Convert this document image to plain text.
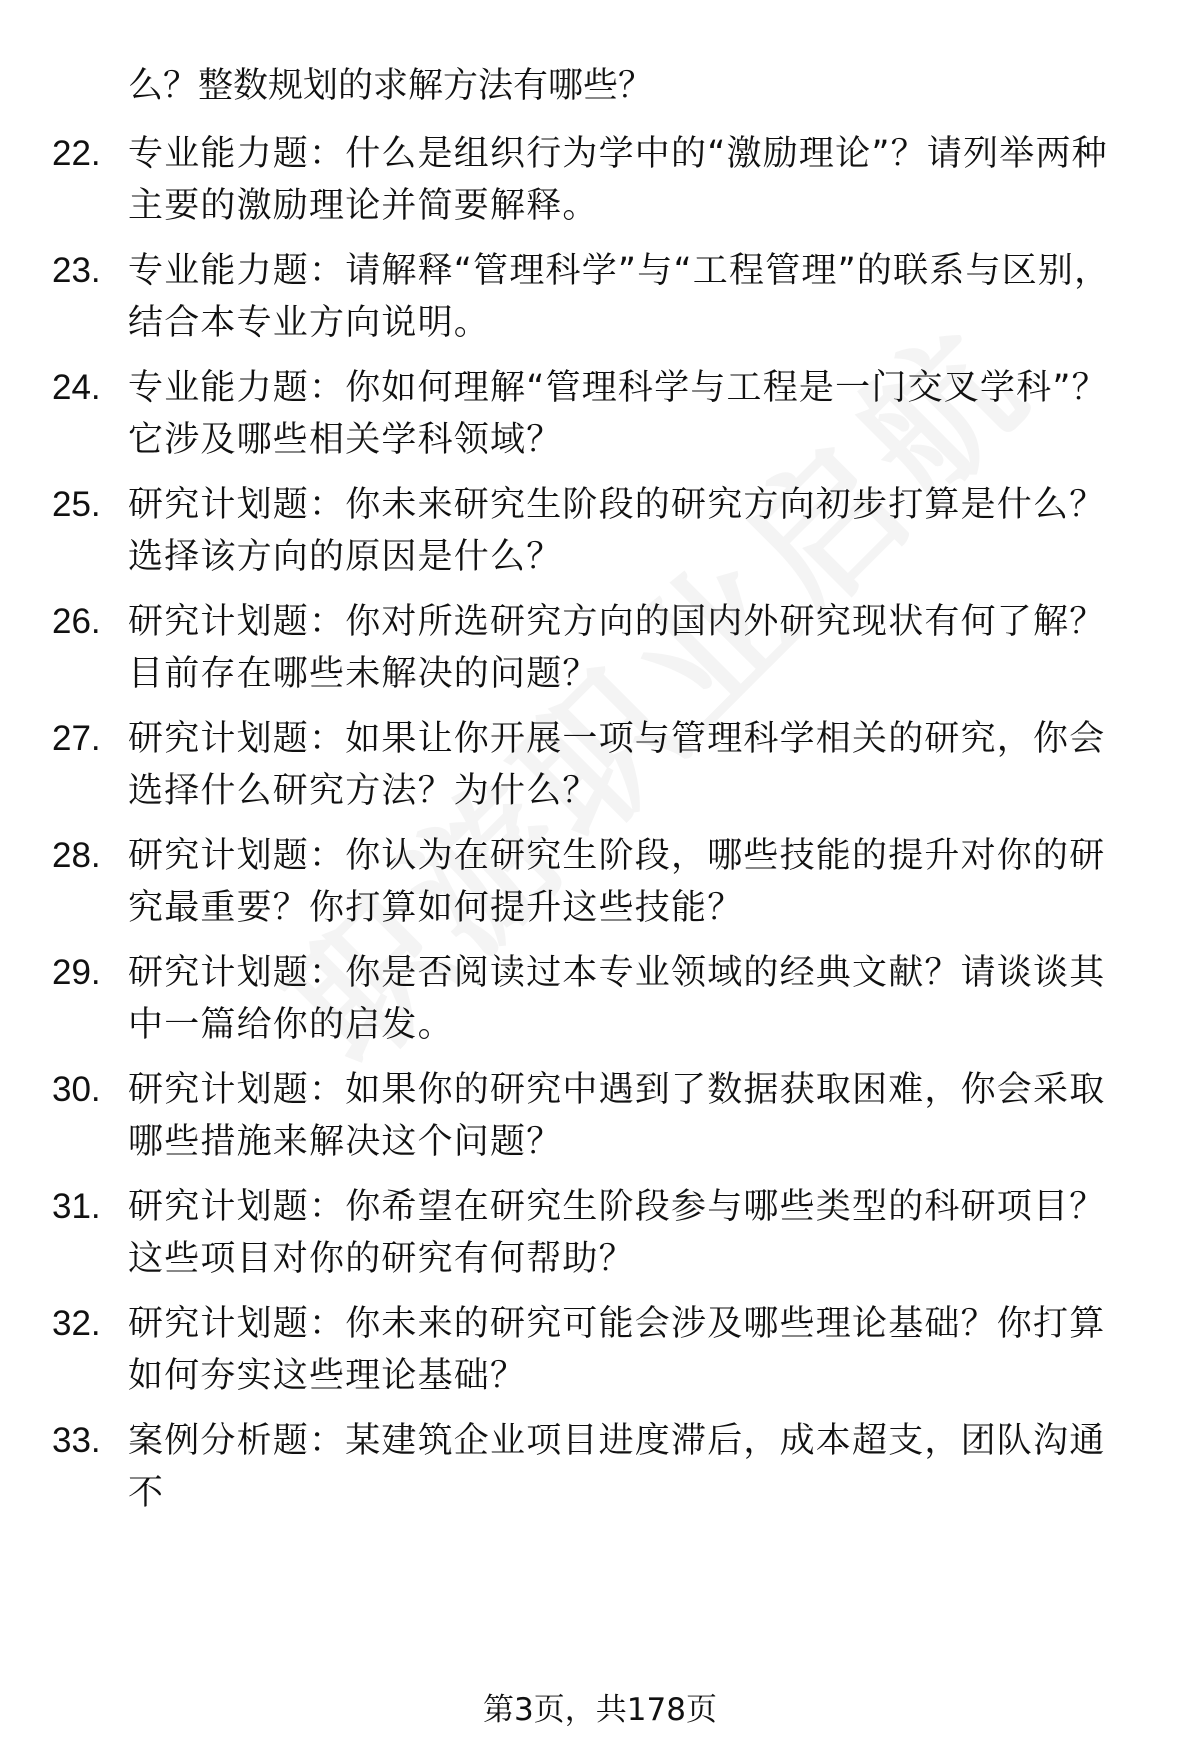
么？整数规划的求解方法有哪些？
22. 专业能力题：什么是组织行为学中的“激励理论”？请列举两种主要的激励理论并简要解释。
23. 专业能力题：请解释“管理科学”与“工程管理”的联系与区别，结合本专业方向说明。
24. 专业能力题：你如何理解“管理科学与工程是一门交叉学科”？它涉及哪些相关学科领域？
25. 研究计划题：你未来研究生阶段的研究方向初步打算是什么？选择该方向的原因是什么？
26. 研究计划题：你对所选研究方向的国内外研究现状有何了解？目前存在哪些未解决的问题？
27. 研究计划题：如果让你开展一项与管理科学相关的研究，你会选择什么研究方法？为什么？
28. 研究计划题：你认为在研究生阶段，哪些技能的提升对你的研究最重要？你打算如何提升这些技能？
29. 研究计划题：你是否阅读过本专业领域的经典文献？请谈谈其中一篇给你的启发。
30. 研究计划题：如果你的研究中遇到了数据获取困难，你会采取哪些措施来解决这个问题？
31. 研究计划题：你希望在研究生阶段参与哪些类型的科研项目？这些项目对你的研究有何帮助？
32. 研究计划题：你未来的研究可能会涉及哪些理论基础？你打算如何夯实这些理论基础？
33. 案例分析题：某建筑企业项目进度滞后，成本超支，团队沟通不
第3页，共178页
